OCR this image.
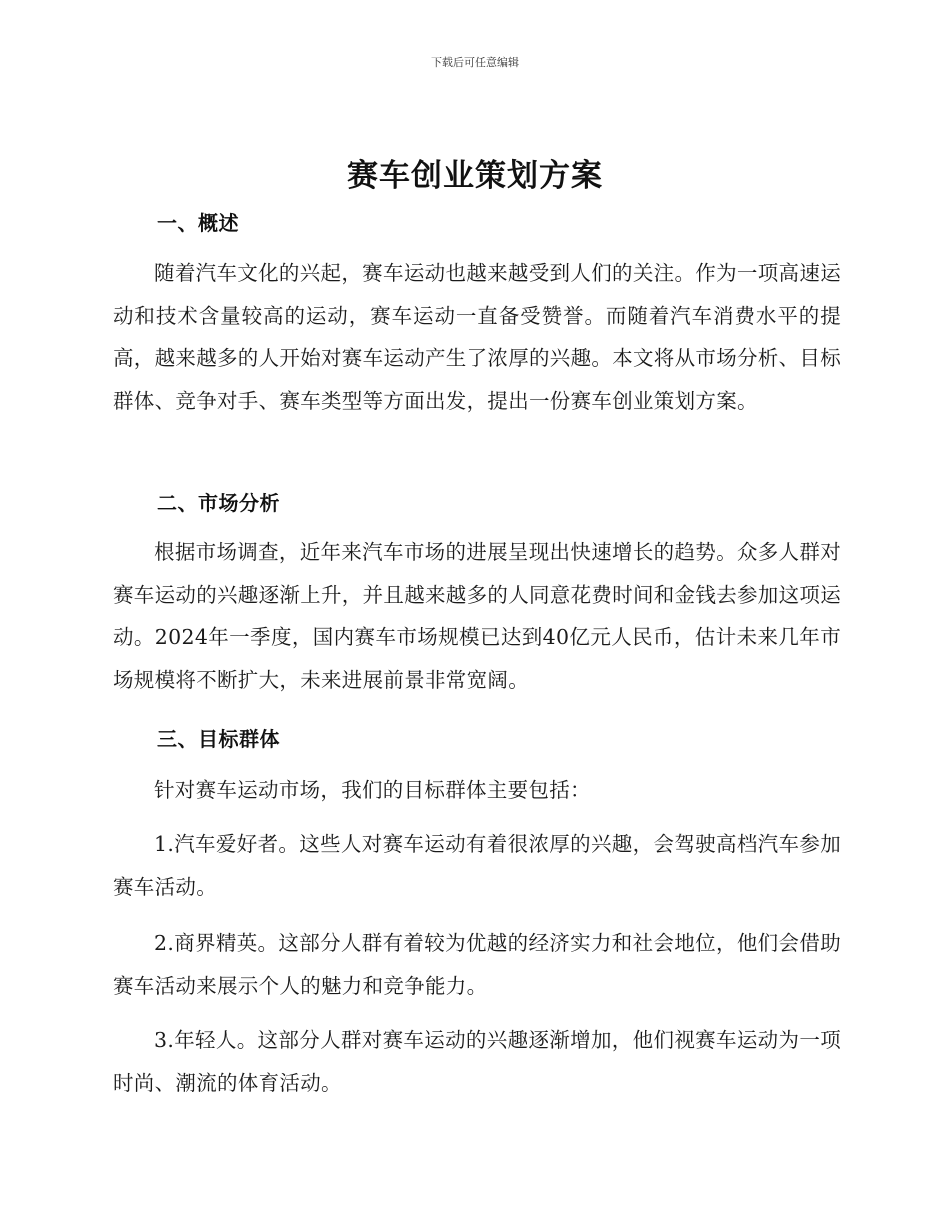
下载后可任意编辑
赛车创业策划方案
一、概述
随着汽车文化的兴起，赛车运动也越来越受到人们的关注。作为一项高速运动和技术含量较高的运动，赛车运动一直备受赞誉。而随着汽车消费水平的提高，越来越多的人开始对赛车运动产生了浓厚的兴趣。本文将从市场分析、目标群体、竞争对手、赛车类型等方面出发，提出一份赛车创业策划方案。
二、市场分析
根据市场调查，近年来汽车市场的进展呈现出快速增长的趋势。众多人群对赛车运动的兴趣逐渐上升，并且越来越多的人同意花费时间和金钱去参加这项运动。2024年一季度，国内赛车市场规模已达到40亿元人民币，估计未来几年市场规模将不断扩大，未来进展前景非常宽阔。
三、目标群体
针对赛车运动市场，我们的目标群体主要包括：
1.汽车爱好者。这些人对赛车运动有着很浓厚的兴趣，会驾驶高档汽车参加赛车活动。
2.商界精英。这部分人群有着较为优越的经济实力和社会地位，他们会借助赛车活动来展示个人的魅力和竞争能力。
3.年轻人。这部分人群对赛车运动的兴趣逐渐增加，他们视赛车运动为一项时尚、潮流的体育活动。
